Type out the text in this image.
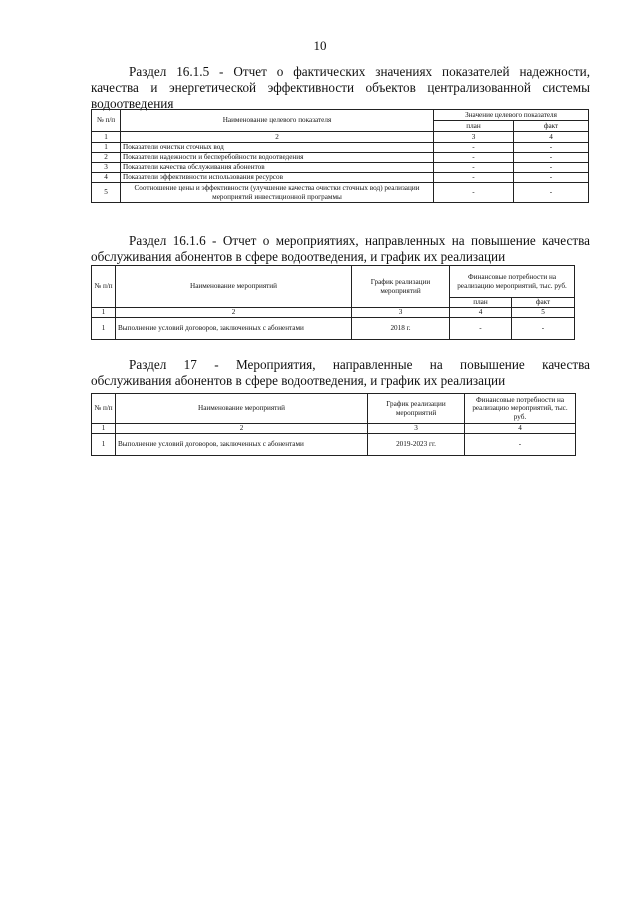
10
Раздел 16.1.5 - Отчет о фактических значениях показателей надежности,
качества и энергетической эффективности объектов централизованной системы
водоотведения
№ п/п	Наименование целевого показателя	Значение целевого показателя	
		план	факт
1	2	3	4
1	Показатели очистки сточных вод	-	-
2	Показатели надежности и бесперебойности водоотведения	-	-
3	Показатели качества обслуживания абонентов	-	-
4	Показатели эффективности использования ресурсов	-	-
5	Соотношение цены и эффективности (улучшение качества очистки сточных вод) реализации мероприятий инвестиционной программы	-	-
Раздел 16.1.6 - Отчет о мероприятиях, направленных на повышение качества
обслуживания абонентов в сфере водоотведения, и график их реализации
№ п/п	Наименование мероприятий	График реализации мероприятий	Финансовые потребности на реализацию мероприятий, тыс. руб.	
			план	факт
1	2	3	4	5
1	Выполнение условий договоров, заключенных с абонентами	2018 г.	-	-
Раздел 17 - Мероприятия, направленные на повышение качества
обслуживания абонентов в сфере водоотведения, и график их реализации
№ п/п	Наименование мероприятий	График реализации мероприятий	Финансовые потребности на реализацию мероприятий, тыс. руб.
1	2	3	4
1	Выполнение условий договоров, заключенных с абонентами	2019-2023 гг.	-
